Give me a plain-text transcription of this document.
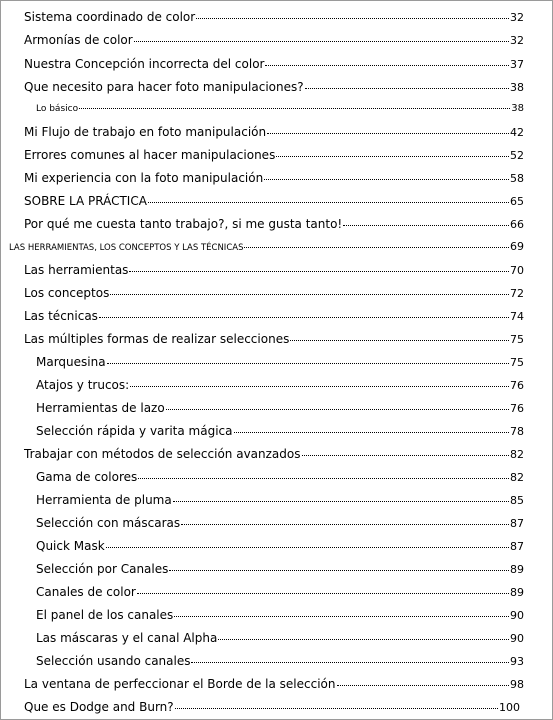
Sistema coordinado de color	32
Armonías de color	32
Nuestra Concepción incorrecta del color	37
Que necesito para hacer foto manipulaciones?	38
Lo básico	38
Mi Flujo de trabajo en foto manipulación	42
Errores comunes al hacer manipulaciones	52
Mi experiencia con la foto manipulación	58
SOBRE LA PRÁCTICA	65
Por qué me cuesta tanto trabajo?, si me gusta tanto!	66
LAS HERRAMIENTAS, LOS CONCEPTOS Y LAS TÉCNICAS	69
Las herramientas	70
Los conceptos	72
Las técnicas	74
Las múltiples formas de realizar selecciones	75
Marquesina	75
Atajos y trucos:	76
Herramientas de lazo	76
Selección rápida y varita mágica	78
Trabajar con métodos de selección avanzados	82
Gama de colores	82
Herramienta de pluma	85
Selección con máscaras	87
Quick Mask	87
Selección por Canales	89
Canales de color	89
El panel de los canales	90
Las máscaras y el canal Alpha	90
Selección usando canales	93
La ventana de perfeccionar el Borde de la selección	98
Que es Dodge and Burn?	100
